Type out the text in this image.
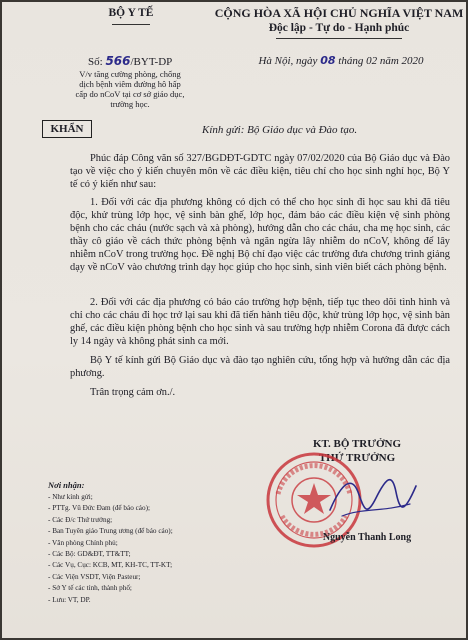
BỘ Y TẾ	CỘNG HÒA XÃ HỘI CHỦ NGHĨA VIỆT NAM
Độc lập - Tự do - Hạnh phúc
Số: 566/BYT-DP	Hà Nội, ngày 08 tháng 02 năm 2020
V/v tăng cường phòng, chống
dịch bệnh viêm đường hô hấp
cấp do nCoV tại cơ sở giáo dục,
trường học.
KHẨN	Kính gửi: Bộ Giáo dục và Đào tạo.

Phúc đáp Công văn số 327/BGDĐT-GDTC ngày 07/02/2020 của Bộ Giáo dục và Đào tạo về việc cho ý kiến chuyên môn về các điều kiện, tiêu chí cho học sinh nghỉ học, Bộ Y tế có ý kiến như sau:

1. Đối với các địa phương không có dịch có thể cho học sinh đi học sau khi đã tiêu độc, khử trùng lớp học, vệ sinh bàn ghế, lớp học, đảm bảo các điều kiện vệ sinh phòng bệnh cho các cháu (nước sạch và xà phòng), hướng dẫn cho các cháu, cha mẹ học sinh, các thầy cô giáo về cách thức phòng bệnh và ngăn ngừa lây nhiễm do nCoV, không để lây nhiễm nCoV trong trường học. Đề nghị Bộ chỉ đạo việc các trường đưa chương trình giảng dạy về nCoV vào chương trình dạy học giúp cho học sinh, sinh viên biết cách phòng bệnh.

2. Đối với các địa phương có báo cáo trường hợp bệnh, tiếp tục theo dõi tình hình và chỉ cho các cháu đi học trở lại sau khi đã tiến hành tiêu độc, khử trùng lớp học, vệ sinh bàn ghế, các điều kiện phòng bệnh cho học sinh và sau trường hợp nhiễm Corona đã được cách ly 14 ngày và không phát sinh ca mới.

Bộ Y tế kính gửi Bộ Giáo dục và đào tạo nghiên cứu, tổng hợp và hướng dẫn các địa phương.

Trân trọng cảm ơn./.

Nơi nhận:
- Như kính gửi;
- PTTg. Vũ Đức Đam (để báo cáo);
- Các Đ/c Thứ trưởng;
- Ban Tuyên giáo Trung ương (để báo cáo);
- Văn phòng Chính phủ;
- Các Bộ: GD&ĐT, TT&TT;
- Các Vụ, Cục: KCB, MT, KH-TC, TT-KT;
- Các Viện VSDT, Viện Pasteur;
- Sở Y tế các tỉnh, thành phố;
- Lưu: VT, DP.
KT. BỘ TRƯỞNG
THỨ TRƯỞNG
Nguyễn Thanh Long
